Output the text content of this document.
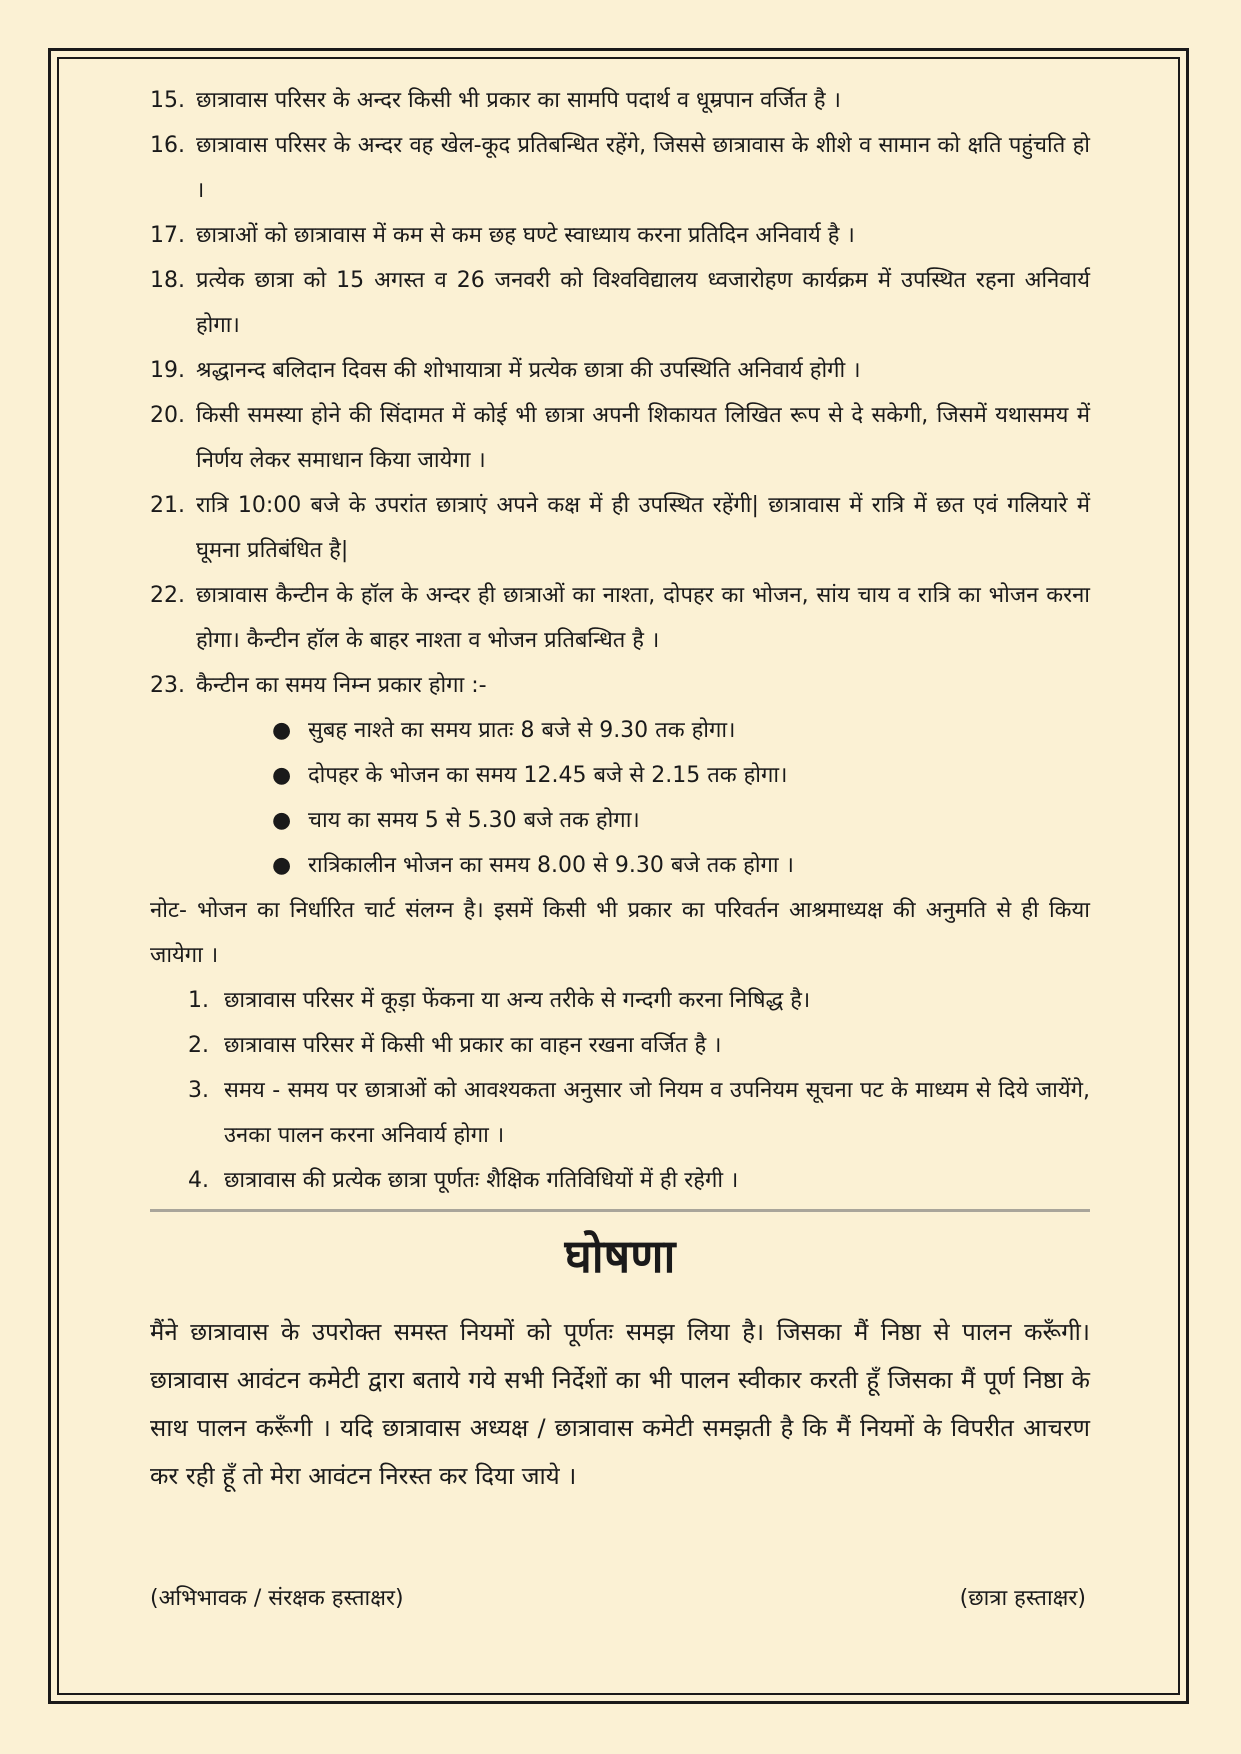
15. छात्रावास परिसर के अन्दर किसी भी प्रकार का सामपि पदार्थ व धूम्रपान वर्जित है ।
16. छात्रावास परिसर के अन्दर वह खेल-कूद प्रतिबन्धित रहेंगे, जिससे छात्रावास के शीशे व सामान को क्षति पहुंचति हो ।
17. छात्राओं को छात्रावास में कम से कम छह घण्टे स्वाध्याय करना प्रतिदिन अनिवार्य है ।
18. प्रत्येक छात्रा को 15 अगस्त व 26 जनवरी को विश्वविद्यालय ध्वजारोहण कार्यक्रम में उपस्थित रहना अनिवार्य होगा।
19. श्रद्धानन्द बलिदान दिवस की शोभायात्रा में प्रत्येक छात्रा की उपस्थिति अनिवार्य होगी ।
20. किसी समस्या होने की सिंदामत में कोई भी छात्रा अपनी शिकायत लिखित रूप से दे सकेगी, जिसमें यथासमय में निर्णय लेकर समाधान किया जायेगा ।
21. रात्रि 10:00 बजे के उपरांत छात्राएं अपने कक्ष में ही उपस्थित रहेंगी| छात्रावास में रात्रि में छत एवं गलियारे में घूमना प्रतिबंधित है|
22. छात्रावास कैन्टीन के हॉल के अन्दर ही छात्राओं का नाश्ता, दोपहर का भोजन, सांय चाय व रात्रि का भोजन करना होगा। कैन्टीन हॉल के बाहर नाश्ता व भोजन प्रतिबन्धित है ।
23. कैन्टीन का समय निम्न प्रकार होगा :-
● सुबह नाश्ते का समय प्रातः 8 बजे से 9.30 तक होगा।
● दोपहर के भोजन का समय 12.45 बजे से 2.15 तक होगा।
● चाय का समय 5 से 5.30 बजे तक होगा।
● रात्रिकालीन भोजन का समय 8.00 से 9.30 बजे तक होगा ।
नोट- भोजन का निर्धारित चार्ट संलग्न है। इसमें किसी भी प्रकार का परिवर्तन आश्रमाध्यक्ष की अनुमति से ही किया जायेगा ।
1. छात्रावास परिसर में कूड़ा फेंकना या अन्य तरीके से गन्दगी करना निषिद्ध है।
2. छात्रावास परिसर में किसी भी प्रकार का वाहन रखना वर्जित है ।
3. समय - समय पर छात्राओं को आवश्यकता अनुसार जो नियम व उपनियम सूचना पट के माध्यम से दिये जायेंगे, उनका पालन करना अनिवार्य होगा ।
4. छात्रावास की प्रत्येक छात्रा पूर्णतः शैक्षिक गतिविधियों में ही रहेगी ।
घोषणा
मैंने छात्रावास के उपरोक्त समस्त नियमों को पूर्णतः समझ लिया है। जिसका मैं निष्ठा से पालन करूँगी। छात्रावास आवंटन कमेटी द्वारा बताये गये सभी निर्देशों का भी पालन स्वीकार करती हूँ जिसका मैं पूर्ण निष्ठा के साथ पालन करूँगी । यदि छात्रावास अध्यक्ष / छात्रावास कमेटी समझती है कि मैं नियमों के विपरीत आचरण कर रही हूँ तो मेरा आवंटन निरस्त कर दिया जाये ।
(अभिभावक / संरक्षक हस्ताक्षर)	(छात्रा हस्ताक्षर)
